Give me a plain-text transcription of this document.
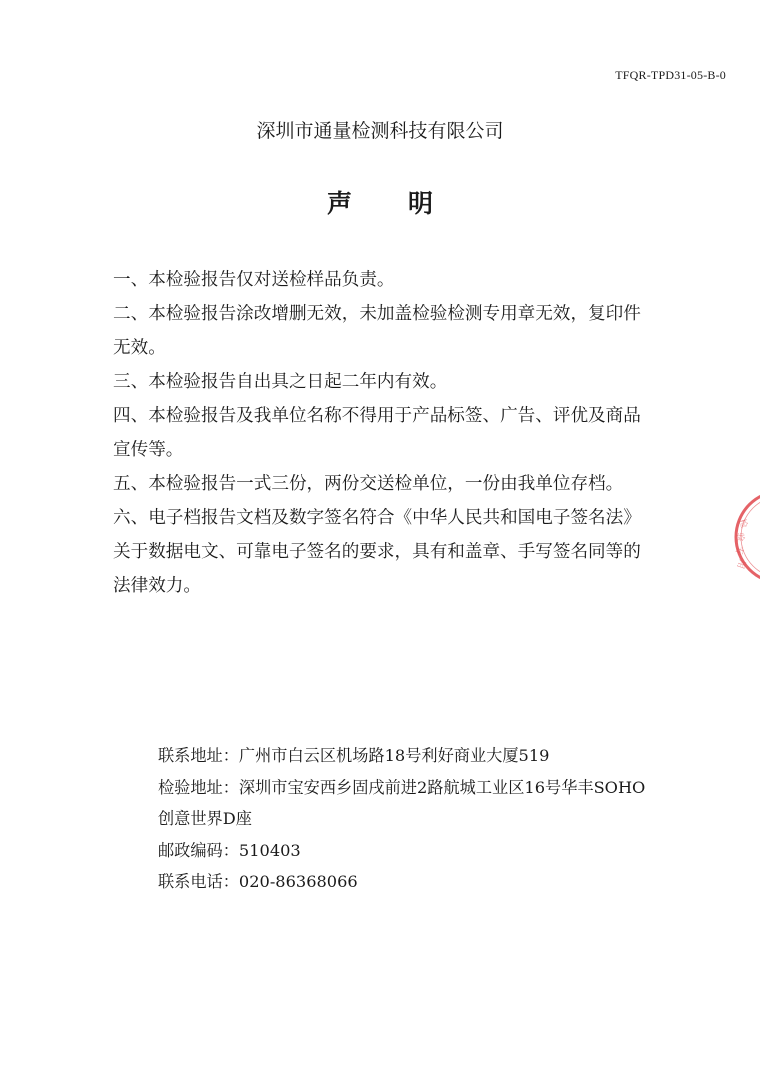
TFQR-TPD31-05-B-0
深圳市通量检测科技有限公司
声明
一、本检验报告仅对送检样品负责。
二、本检验报告涂改增删无效，未加盖检验检测专用章无效，复印件无效。
三、本检验报告自出具之日起二年内有效。
四、本检验报告及我单位名称不得用于产品标签、广告、评优及商品宣传等。
五、本检验报告一式三份，两份交送检单位，一份由我单位存档。
六、电子档报告文档及数字签名符合《中华人民共和国电子签名法》关于数据电文、可靠电子签名的要求，具有和盖章、手写签名同等的法律效力。

联系地址：广州市白云区机场路18号利好商业大厦519

检验地址：深圳市宝安西乡固戌前进2路航城工业区16号华丰SOHO创意世界D座

邮政编码：510403

联系电话：020-86368066

检
验
专
用
